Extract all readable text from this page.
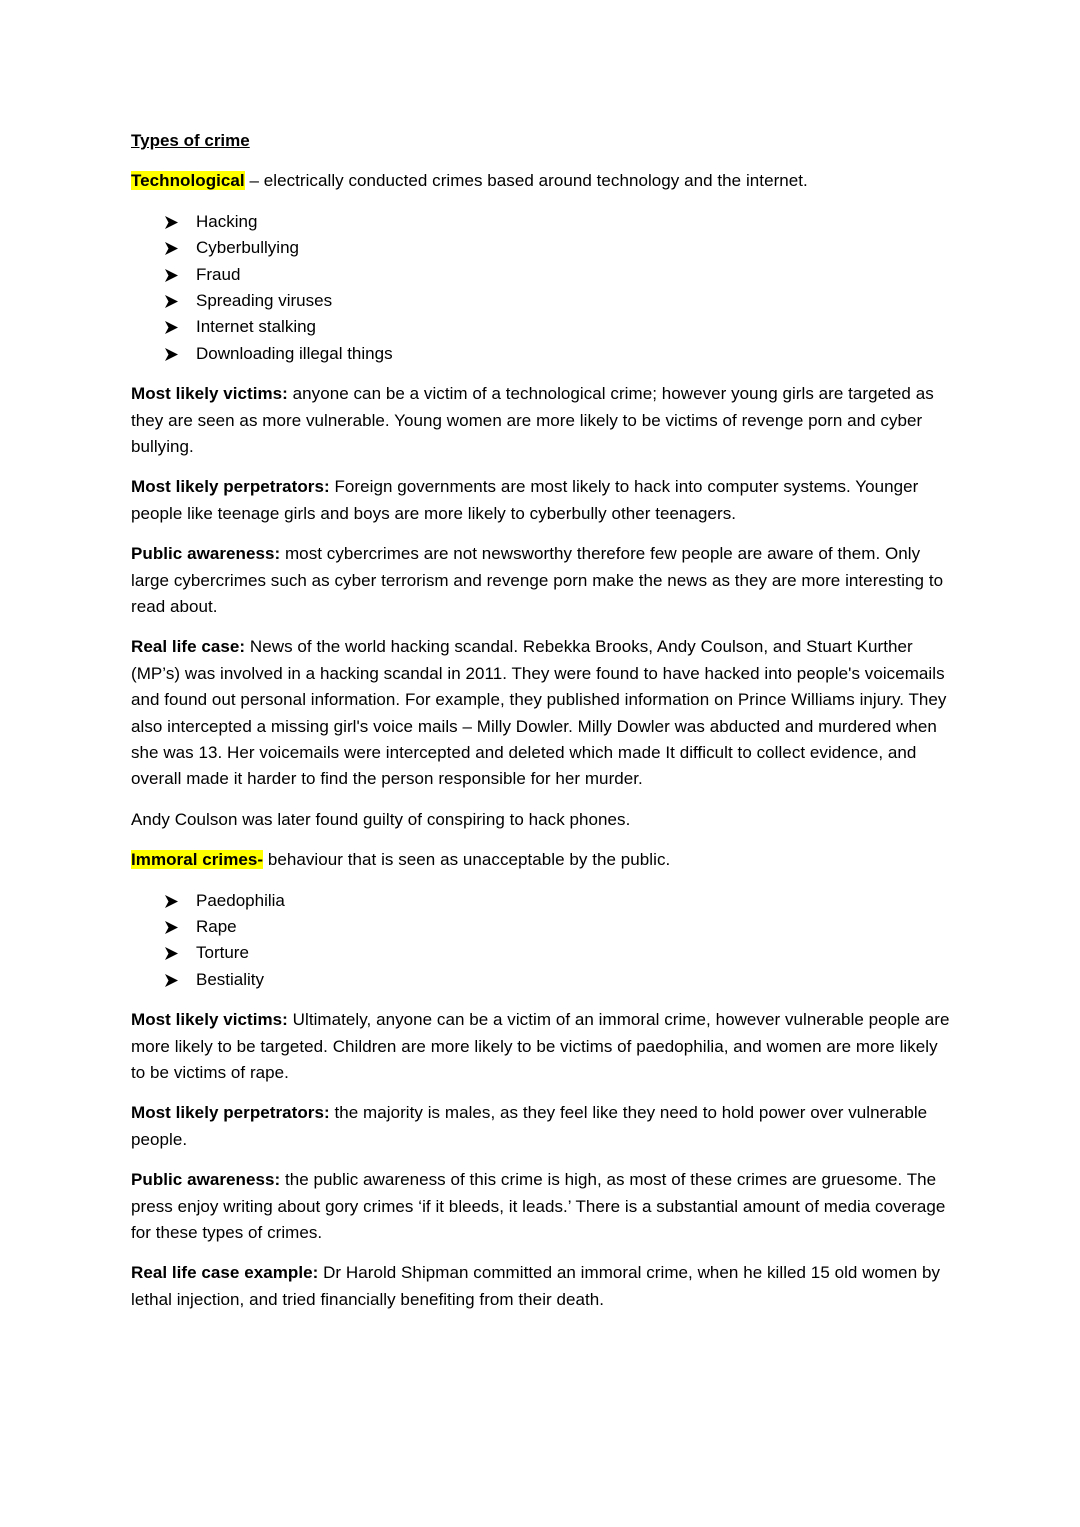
Types of crime

Technological – electrically conducted crimes based around technology and the internet.

Hacking
Cyberbullying
Fraud
Spreading viruses
Internet stalking
Downloading illegal things

Most likely victims: anyone can be a victim of a technological crime; however young girls are targeted as they are seen as more vulnerable. Young women are more likely to be victims of revenge porn and cyber bullying.

Most likely perpetrators: Foreign governments are most likely to hack into computer systems. Younger people like teenage girls and boys are more likely to cyberbully other teenagers.

Public awareness: most cybercrimes are not newsworthy therefore few people are aware of them. Only large cybercrimes such as cyber terrorism and revenge porn make the news as they are more interesting to read about.

Real life case: News of the world hacking scandal. Rebekka Brooks, Andy Coulson, and Stuart Kurther (MP’s) was involved in a hacking scandal in 2011. They were found to have hacked into people's voicemails and found out personal information. For example, they published information on Prince Williams injury. They also intercepted a missing girl's voice mails – Milly Dowler. Milly Dowler was abducted and murdered when she was 13. Her voicemails were intercepted and deleted which made It difficult to collect evidence, and overall made it harder to find the person responsible for her murder.

Andy Coulson was later found guilty of conspiring to hack phones.

Immoral crimes- behaviour that is seen as unacceptable by the public.

Paedophilia
Rape
Torture
Bestiality

Most likely victims: Ultimately, anyone can be a victim of an immoral crime, however vulnerable people are more likely to be targeted. Children are more likely to be victims of paedophilia, and women are more likely to be victims of rape.

Most likely perpetrators: the majority is males, as they feel like they need to hold power over vulnerable people.

Public awareness: the public awareness of this crime is high, as most of these crimes are gruesome. The press enjoy writing about gory crimes ‘if it bleeds, it leads.’ There is a substantial amount of media coverage for these types of crimes.

Real life case example: Dr Harold Shipman committed an immoral crime, when he killed 15 old women by lethal injection, and tried financially benefiting from their death.
